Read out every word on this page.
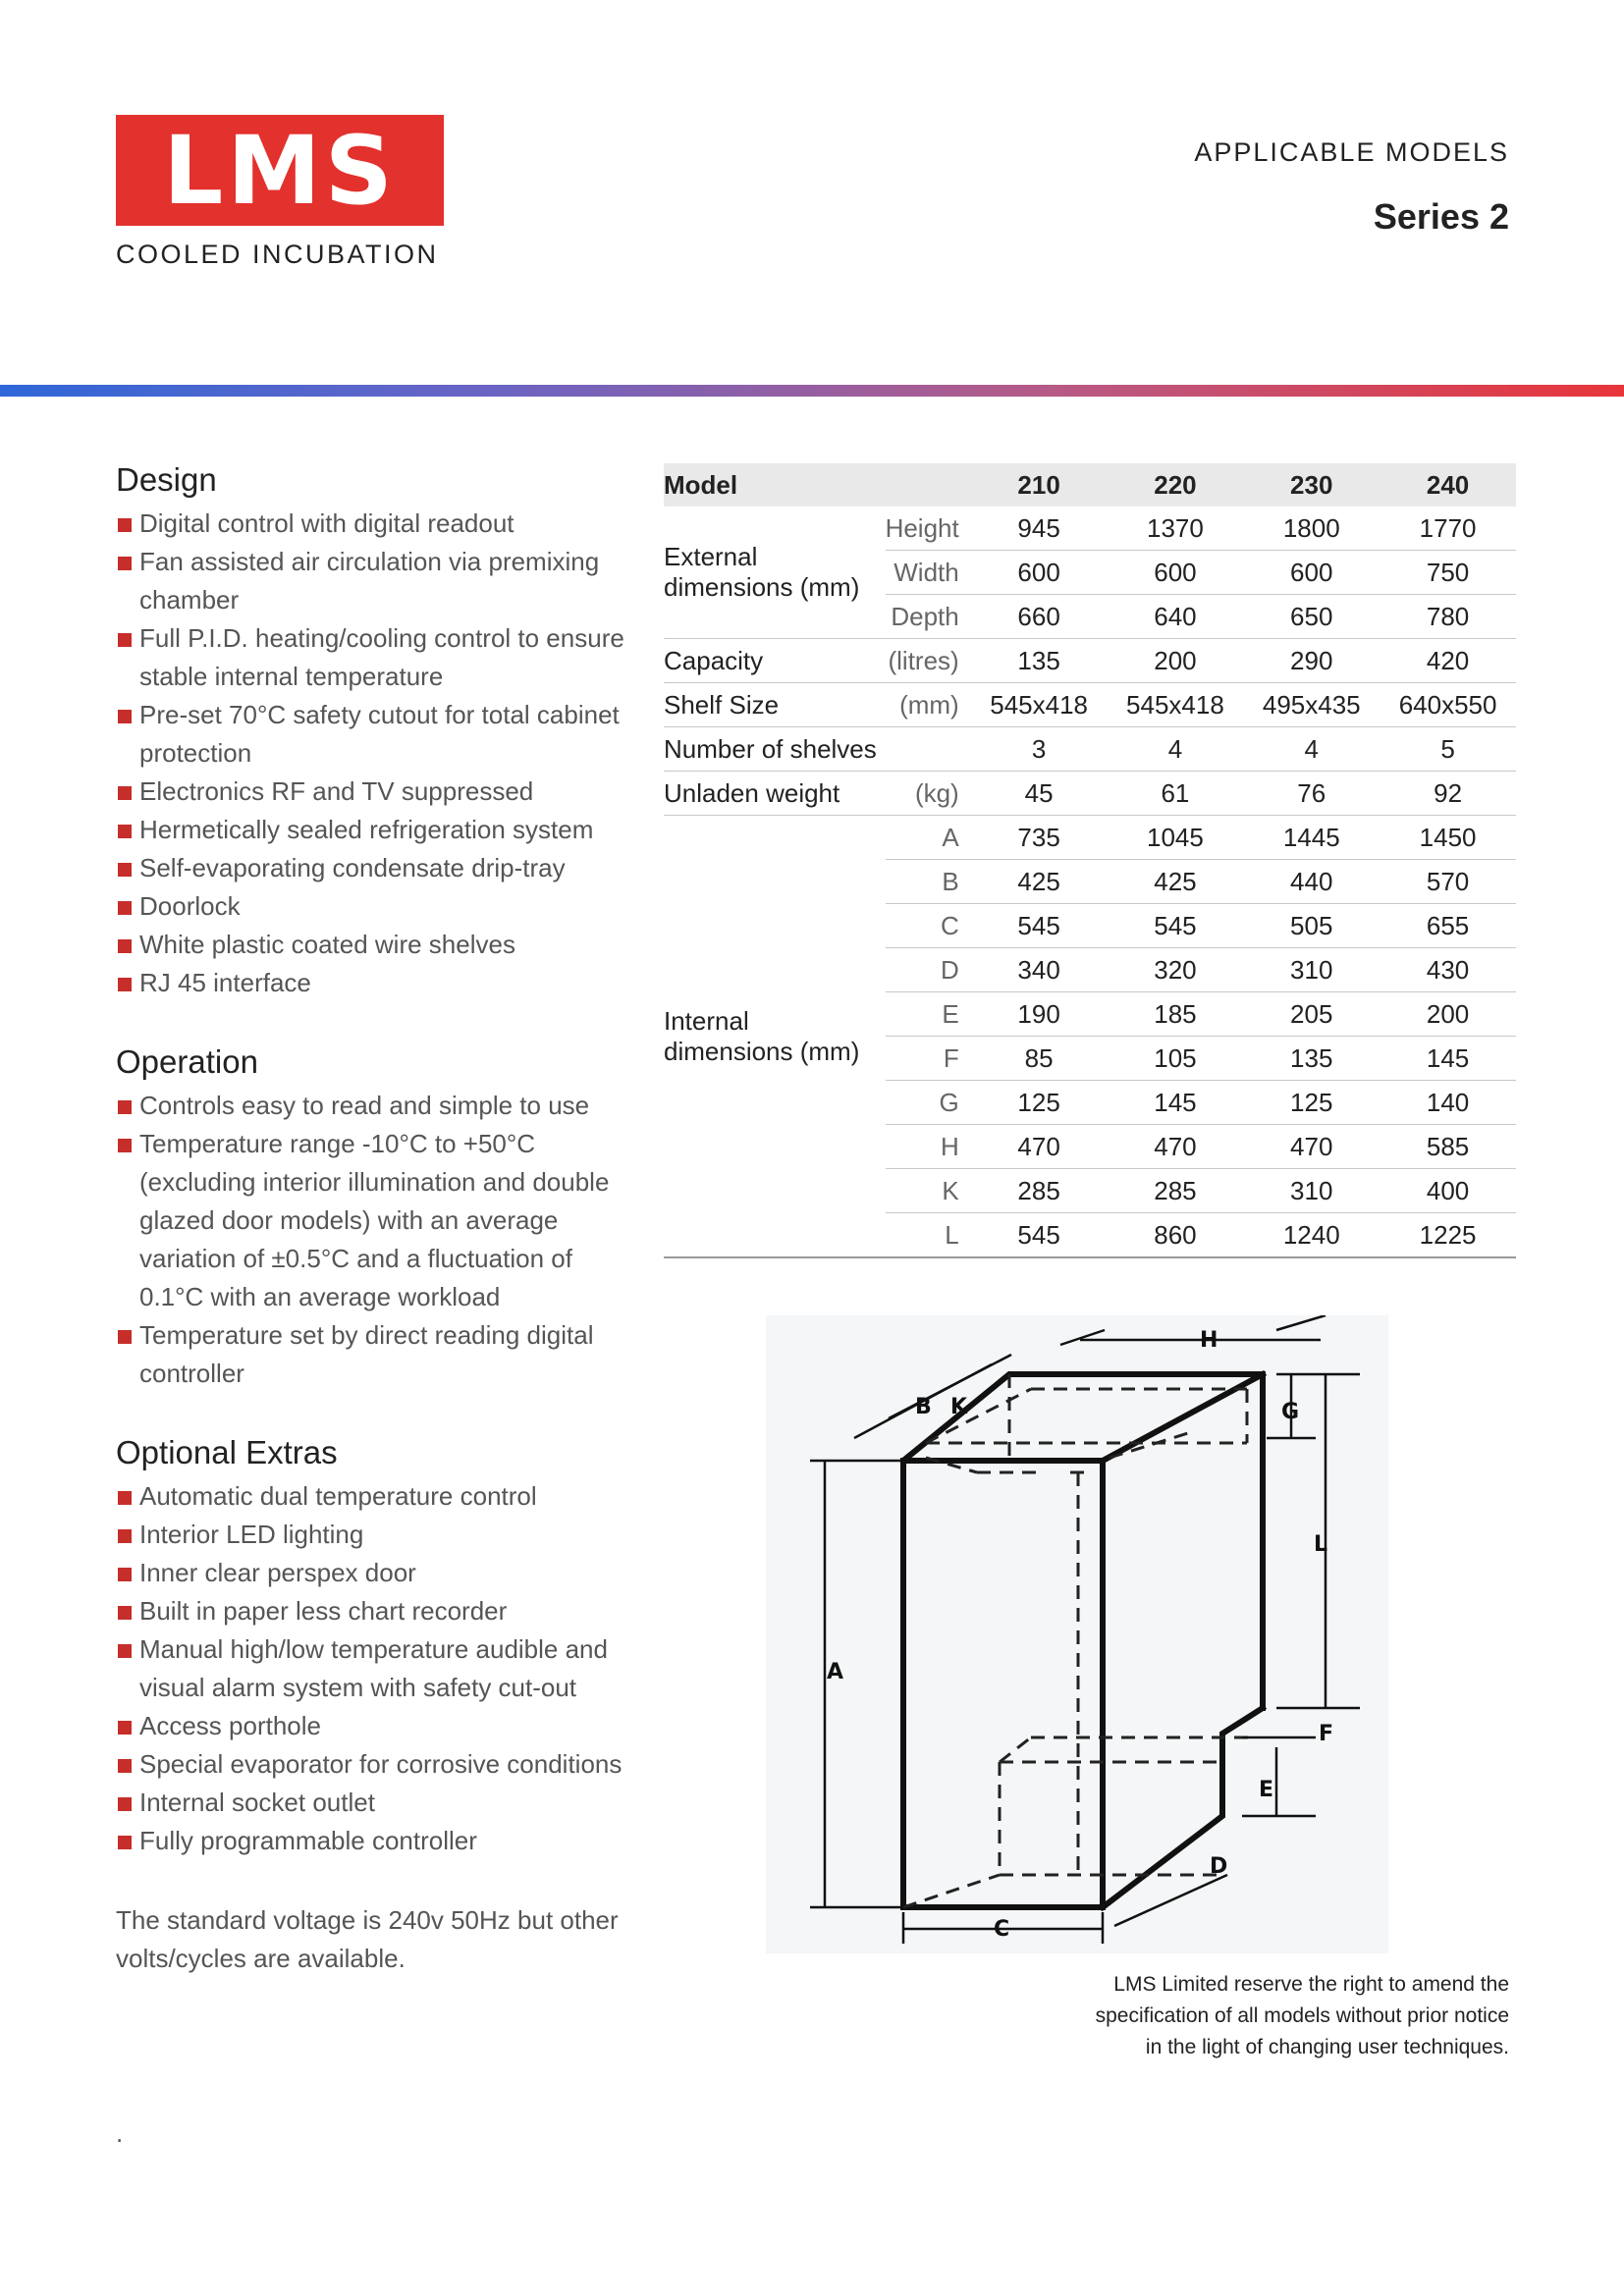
LMS
COOLED INCUBATION
APPLICABLE MODELS
Series 2
Design
Digital control with digital readout
Fan assisted air circulation via premixing chamber
Full P.I.D. heating/cooling control to ensure stable internal temperature
Pre-set 70°C safety cutout for total cabinet protection
Electronics RF and TV suppressed
Hermetically sealed refrigeration system
Self-evaporating condensate drip-tray
Doorlock
White plastic coated wire shelves
RJ 45 interface
Operation
Controls easy to read and simple to use
Temperature range -10°C to +50°C (excluding interior illumination and double glazed door models) with an average variation of ±0.5°C and a fluctuation of 0.1°C with an average workload
Temperature set by direct reading digital controller
Optional Extras
Automatic dual temperature control
Interior LED lighting
Inner clear perspex door
Built in paper less chart recorder
Manual high/low temperature audible and visual alarm system with safety cut-out
Access porthole
Special evaporator for corrosive conditions
Internal socket outlet
Fully programmable controller
The standard voltage is 240v 50Hz but other volts/cycles are available.
.
Model		210	220	230	240

External
dimensions (mm)	Height	945	1370	1800	1770
	Width	600	600	600	750
	Depth	660	640	650	780
Capacity	(litres)	135	200	290	420
Shelf Size	(mm)	545x418	545x418	495x435	640x550
Number of shelves		3	4	4	5
Unladen weight	(kg)	45	61	76	92

Internal
dimensions (mm)	A	735	1045	1445	1450
	B	425	425	440	570
	C	545	545	505	655
	D	340	320	310	430
	E	190	185	205	200
	F	85	105	135	145
	G	125	145	125	140
	H	470	470	470	585
	K	285	285	310	400
	L	545	860	1240	1225
A
B
C
D
E
F
G
H
K
L
LMS Limited reserve the right to amend the
specification of all models without prior notice
in the light of changing user techniques.
